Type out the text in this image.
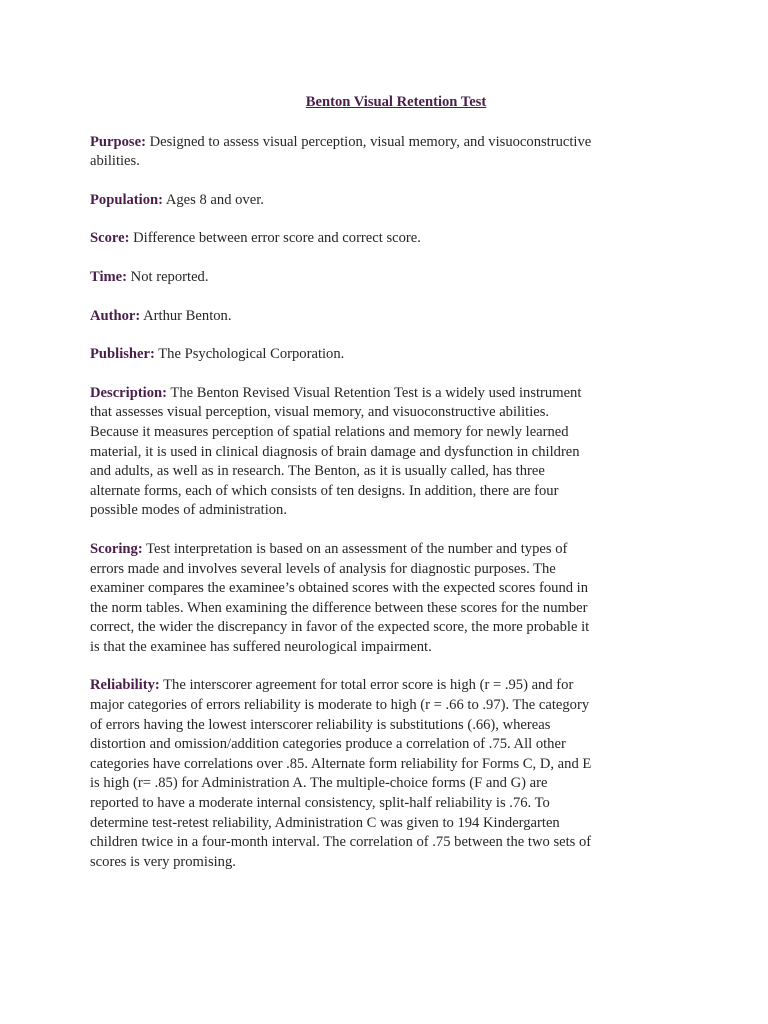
Benton Visual Retention Test
Purpose: Designed to assess visual perception, visual memory, and visuoconstructive
abilities.
Population: Ages 8 and over.
Score: Difference between error score and correct score.
Time: Not reported.
Author: Arthur Benton.
Publisher: The Psychological Corporation.
Description: The Benton Revised Visual Retention Test is a widely used instrument
that assesses visual perception, visual memory, and visuoconstructive abilities.
Because it measures perception of spatial relations and memory for newly learned
material, it is used in clinical diagnosis of brain damage and dysfunction in children
and adults, as well as in research. The Benton, as it is usually called, has three
alternate forms, each of which consists of ten designs. In addition, there are four
possible modes of administration.
Scoring: Test interpretation is based on an assessment of the number and types of
errors made and involves several levels of analysis for diagnostic purposes. The
examiner compares the examinee’s obtained scores with the expected scores found in
the norm tables. When examining the difference between these scores for the number
correct, the wider the discrepancy in favor of the expected score, the more probable it
is that the examinee has suffered neurological impairment.
Reliability: The interscorer agreement for total error score is high (r = .95) and for
major categories of errors reliability is moderate to high (r = .66 to .97). The category
of errors having the lowest interscorer reliability is substitutions (.66), whereas
distortion and omission/addition categories produce a correlation of .75. All other
categories have correlations over .85. Alternate form reliability for Forms C, D, and E
is high (r= .85) for Administration A. The multiple-choice forms (F and G) are
reported to have a moderate internal consistency, split-half reliability is .76. To
determine test-retest reliability, Administration C was given to 194 Kindergarten
children twice in a four-month interval. The correlation of .75 between the two sets of
scores is very promising.
